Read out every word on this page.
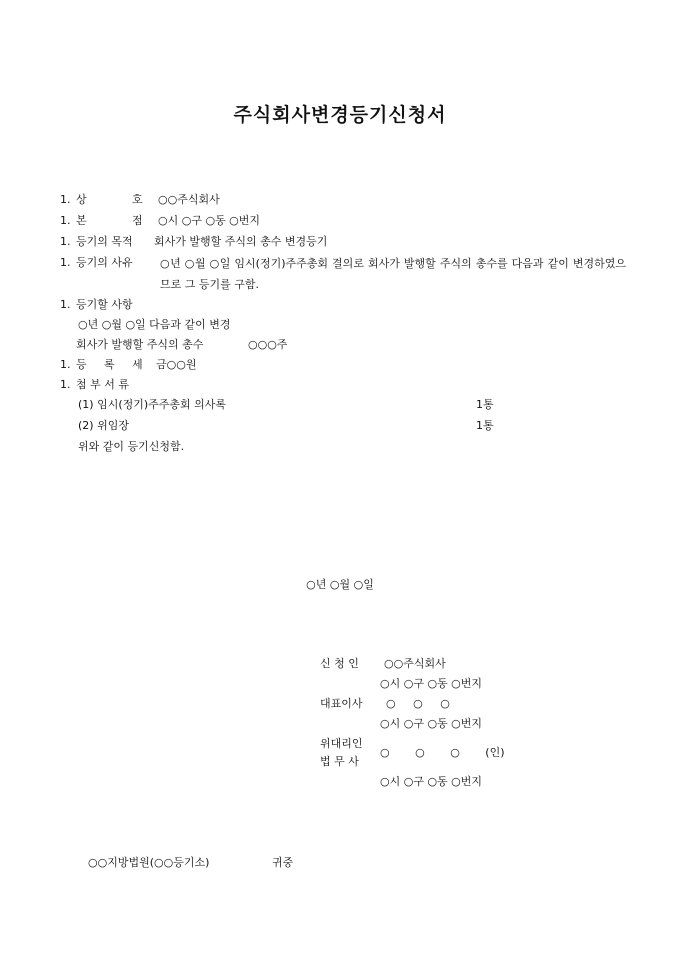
주식회사변경등기신청서
1. 상	호 ○○주식회사
1. 본	점 ○시 ○구 ○동 ○번지
1. 등기의 목적 회사가 발행할 주식의 총수 변경등기
1. 등기의 사유 ○년 ○월 ○일 임시(정기)주주총회 결의로 회사가 발행할 주식의 총수를 다음과 같이 변경하였으므로 그 등기를 구함.
1. 등기할 사항
○년 ○월 ○일 다음과 같이 변경
회사가 발행할 주식의 총수	○○○주
1. 등 록 세 금○○원
1. 첨 부 서 류
(1) 임시(정기)주주총회 의사록	1통
(2) 위임장	1통
위와 같이 등기신청함.
○년 ○월 ○일
신 청 인 ○○주식회사
○시 ○구 ○동 ○번지
대표이사 ○ ○ ○
○시 ○구 ○동 ○번지
위대리인
법 무 사
○ ○ ○ (인)
○시 ○구 ○동 ○번지
○○지방법원(○○등기소)	귀중
